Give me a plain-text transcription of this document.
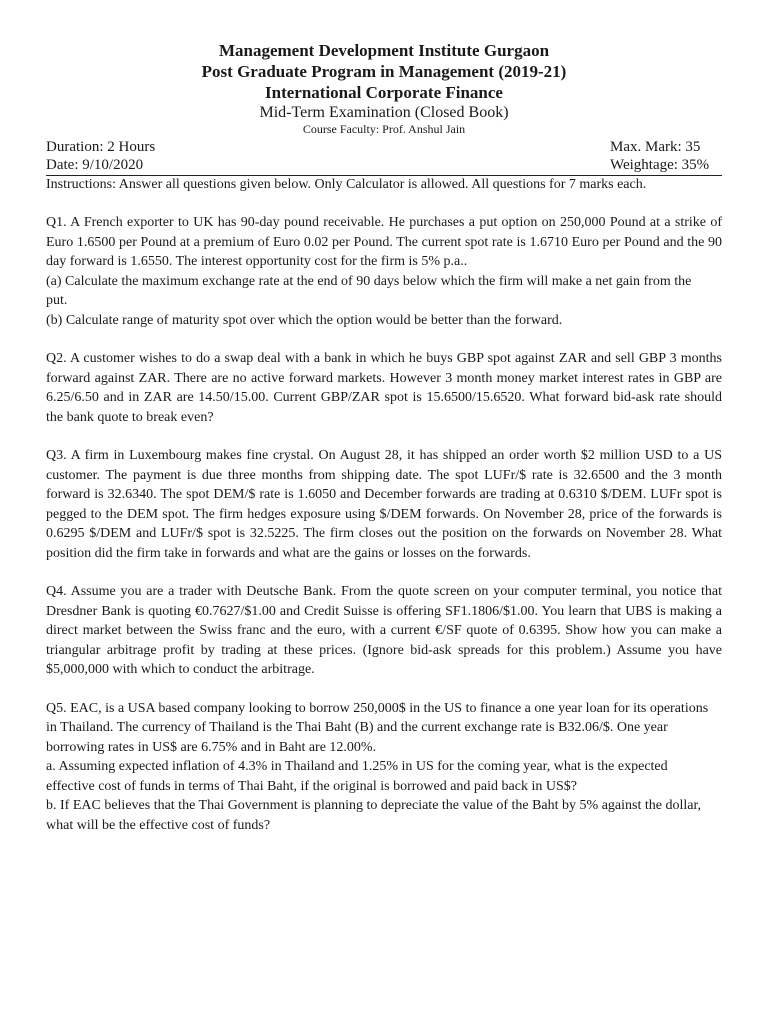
Management Development Institute Gurgaon
Post Graduate Program in Management (2019-21)
International Corporate Finance
Mid-Term Examination (Closed Book)
Course Faculty: Prof. Anshul Jain
Duration: 2 Hours	Max. Mark: 35
Date: 9/10/2020	Weightage: 35%
Instructions: Answer all questions given below. Only Calculator is allowed. All questions for 7 marks each.

Q1. A French exporter to UK has 90-day pound receivable. He purchases a put option on 250,000 Pound at a strike of Euro 1.6500 per Pound at a premium of Euro 0.02 per Pound. The current spot rate is 1.6710 Euro per Pound and the 90 day forward is 1.6550. The interest opportunity cost for the firm is 5% p.a..

(a) Calculate the maximum exchange rate at the end of 90 days below which the firm will make a net gain from the put.

(b) Calculate range of maturity spot over which the option would be better than the forward.

Q2. A customer wishes to do a swap deal with a bank in which he buys GBP spot against ZAR and sell GBP 3 months forward against ZAR. There are no active forward markets. However 3 month money market interest rates in GBP are 6.25/6.50 and in ZAR are 14.50/15.00. Current GBP/ZAR spot is 15.6500/15.6520. What forward bid-ask rate should the bank quote to break even?

Q3. A firm in Luxembourg makes fine crystal. On August 28, it has shipped an order worth $2 million USD to a US customer. The payment is due three months from shipping date. The spot LUFr/$ rate is 32.6500 and the 3 month forward is 32.6340. The spot DEM/$ rate is 1.6050 and December forwards are trading at 0.6310 $/DEM. LUFr spot is pegged to the DEM spot. The firm hedges exposure using $/DEM forwards. On November 28, price of the forwards is 0.6295 $/DEM and LUFr/$ spot is 32.5225. The firm closes out the position on the forwards on November 28. What position did the firm take in forwards and what are the gains or losses on the forwards.

Q4. Assume you are a trader with Deutsche Bank. From the quote screen on your computer terminal, you notice that Dresdner Bank is quoting €0.7627/$1.00 and Credit Suisse is offering SF1.1806/$1.00. You learn that UBS is making a direct market between the Swiss franc and the euro, with a current €/SF quote of 0.6395. Show how you can make a triangular arbitrage profit by trading at these prices. (Ignore bid-ask spreads for this problem.) Assume you have $5,000,000 with which to conduct the arbitrage.

Q5. EAC, is a USA based company looking to borrow 250,000$ in the US to finance a one year loan for its operations in Thailand. The currency of Thailand is the Thai Baht (B) and the current exchange rate is B32.06/$. One year borrowing rates in US$ are 6.75% and in Baht are 12.00%.

a. Assuming expected inflation of 4.3% in Thailand and 1.25% in US for the coming year, what is the expected effective cost of funds in terms of Thai Baht, if the original is borrowed and paid back in US$?

b. If EAC believes that the Thai Government is planning to depreciate the value of the Baht by 5% against the dollar, what will be the effective cost of funds?
